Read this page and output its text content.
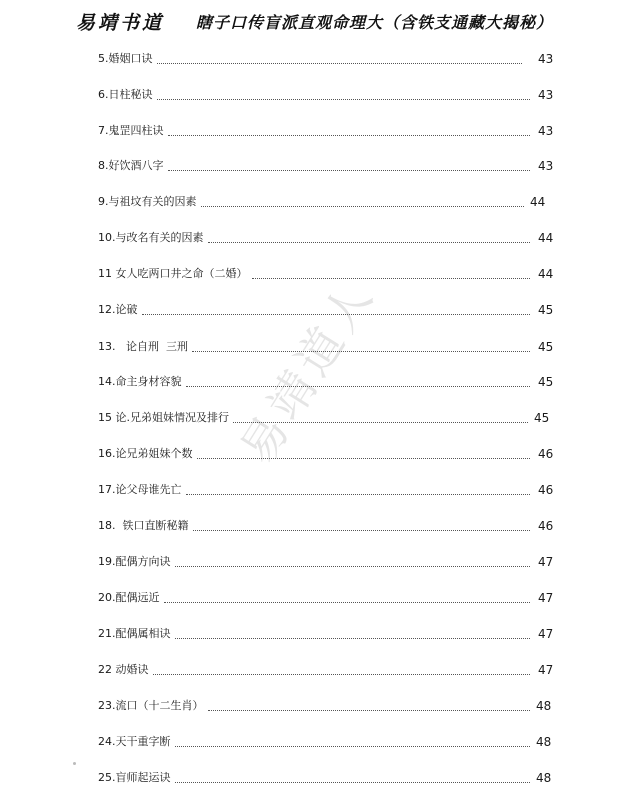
易靖书道 瞎子口传盲派直观命理大（含铁支通藏大揭秘）
易靖道人
5.婚姻口诀	43
6.日柱秘诀	43
7.鬼罡四柱诀	43
8.好饮酒八字	43
9.与祖坟有关的因素	44
10.与改名有关的因素	44
11 女人吃两口井之命（二婚）	44
12.论破	45
13.   论自刑  三刑	45
14.命主身材容貌	45
15 论.兄弟姐妹情况及排行	45
16.论兄弟姐妹个数	46
17.论父母谁先亡	46
18.  铁口直断秘籍	46
19.配偶方向诀	47
20.配偶远近	47
21.配偶属相诀	47
22 动婚诀	47
23.流口（十二生肖）	48
24.天干重字断	48
25.盲师起运诀	48
